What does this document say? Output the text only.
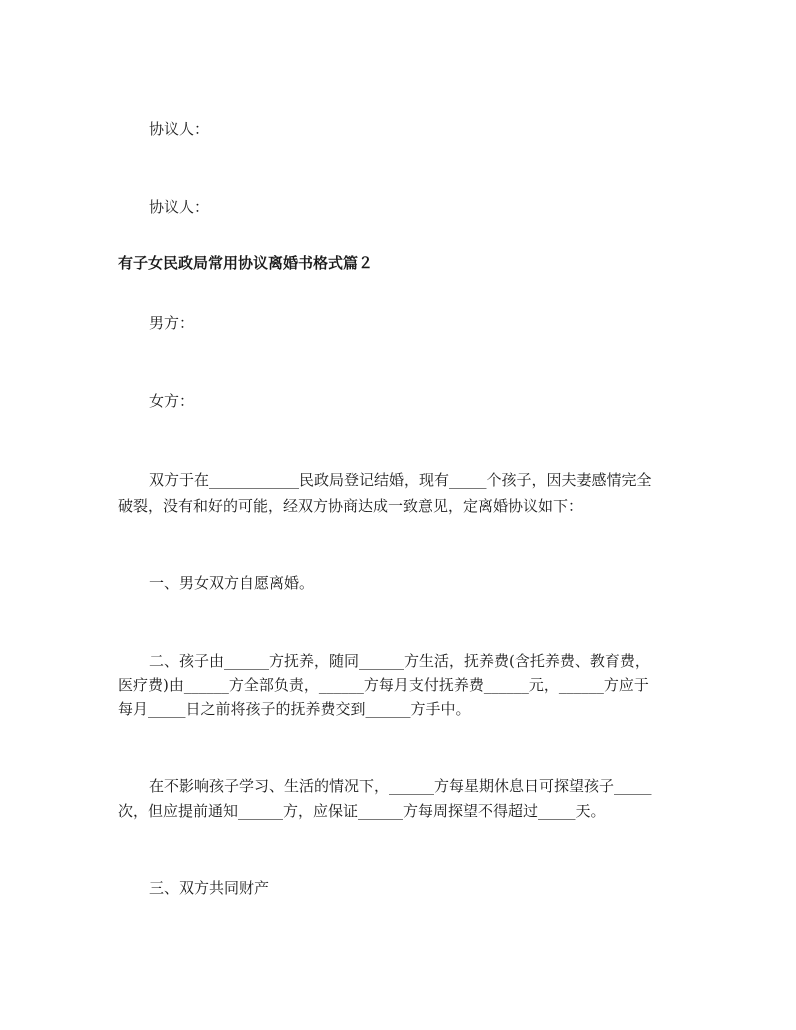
协议人：
协议人：
有子女民政局常用协议离婚书格式篇２
男方：
女方：
双方于在____________民政局登记结婚，现有_____个孩子，因夫妻感情完全
破裂，没有和好的可能，经双方协商达成一致意见，定离婚协议如下：
一、男女双方自愿离婚。
二、孩子由______方抚养，随同______方生活，抚养费(含托养费、教育费，
医疗费)由______方全部负责，______方每月支付抚养费______元，______方应于
每月_____日之前将孩子的抚养费交到______方手中。
在不影响孩子学习、生活的情况下，______方每星期休息日可探望孩子_____
次，但应提前通知______方，应保证______方每周探望不得超过_____天。
三、双方共同财产
